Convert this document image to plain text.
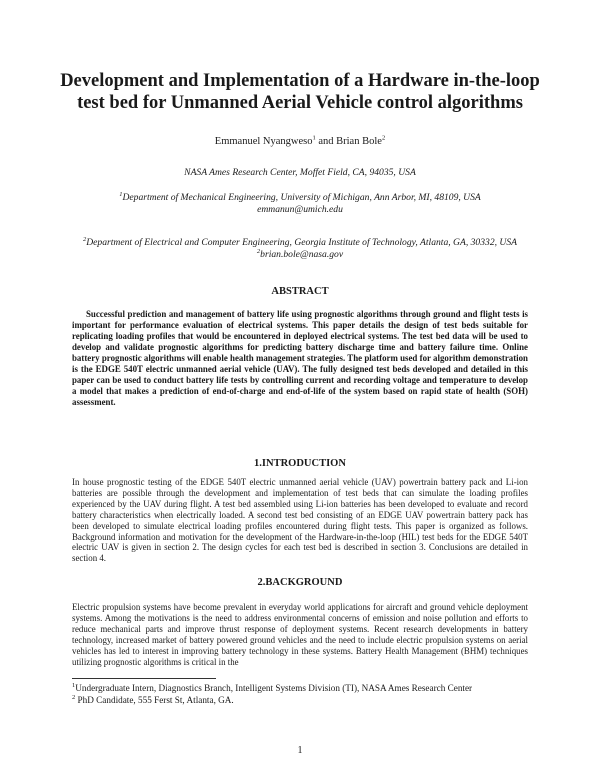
Development and Implementation of a Hardware in-the-loop test bed for Unmanned Aerial Vehicle control algorithms
Emmanuel Nyangweso$^1$ and Brian Bole$^2$
NASA Ames Research Center, Moffet Field, CA, 94035, USA
$^1$Department of Mechanical Engineering, University of Michigan, Ann Arbor, MI, 48109, USA
emmanun@umich.edu
$^2$Department of Electrical and Computer Engineering, Georgia Institute of Technology, Atlanta, GA, 30332, USA
$^2$brian.bole@nasa.gov
ABSTRACT

Successful prediction and management of battery life using prognostic algorithms through ground and flight tests is important for performance evaluation of electrical systems. This paper details the design of test beds suitable for replicating loading profiles that would be encountered in deployed electrical systems. The test bed data will be used to develop and validate prognostic algorithms for predicting battery discharge time and battery failure time. Online battery prognostic algorithms will enable health management strategies. The platform used for algorithm demonstration is the EDGE 540T electric unmanned aerial vehicle (UAV). The fully designed test beds developed and detailed in this paper can be used to conduct battery life tests by controlling current and recording voltage and temperature to develop a model that makes a prediction of end-of-charge and end-of-life of the system based on rapid state of health (SOH) assessment.

1.INTRODUCTION

In house prognostic testing of the EDGE 540T electric unmanned aerial vehicle (UAV) powertrain battery pack and Li-ion batteries are possible through the development and implementation of test beds that can simulate the loading profiles experienced by the UAV during flight. A test bed assembled using Li-ion batteries has been developed to evaluate and record battery characteristics when electrically loaded. A second test bed consisting of an EDGE UAV powertrain battery pack has been developed to simulate electrical loading profiles encountered during flight tests. This paper is organized as follows. Background information and motivation for the development of the Hardware-in-the-loop (HIL) test beds for the EDGE 540T electric UAV is given in section 2. The design cycles for each test bed is described in section 3. Conclusions are detailed in section 4.

2.BACKGROUND

Electric propulsion systems have become prevalent in everyday world applications for aircraft and ground vehicle deployment systems. Among the motivations is the need to address environmental concerns of emission and noise pollution and efforts to reduce mechanical parts and improve thrust response of deployment systems. Recent research developments in battery technology, increased market of battery powered ground vehicles and the need to include electric propulsion systems on aerial vehicles has led to interest in improving battery technology in these systems. Battery Health Management (BHM) techniques utilizing prognostic algorithms is critical in the

$^1$Undergraduate Intern, Diagnostics Branch, Intelligent Systems Division (TI), NASA Ames Research Center
$^2$ PhD Candidate, 555 Ferst St, Atlanta, GA.
1
